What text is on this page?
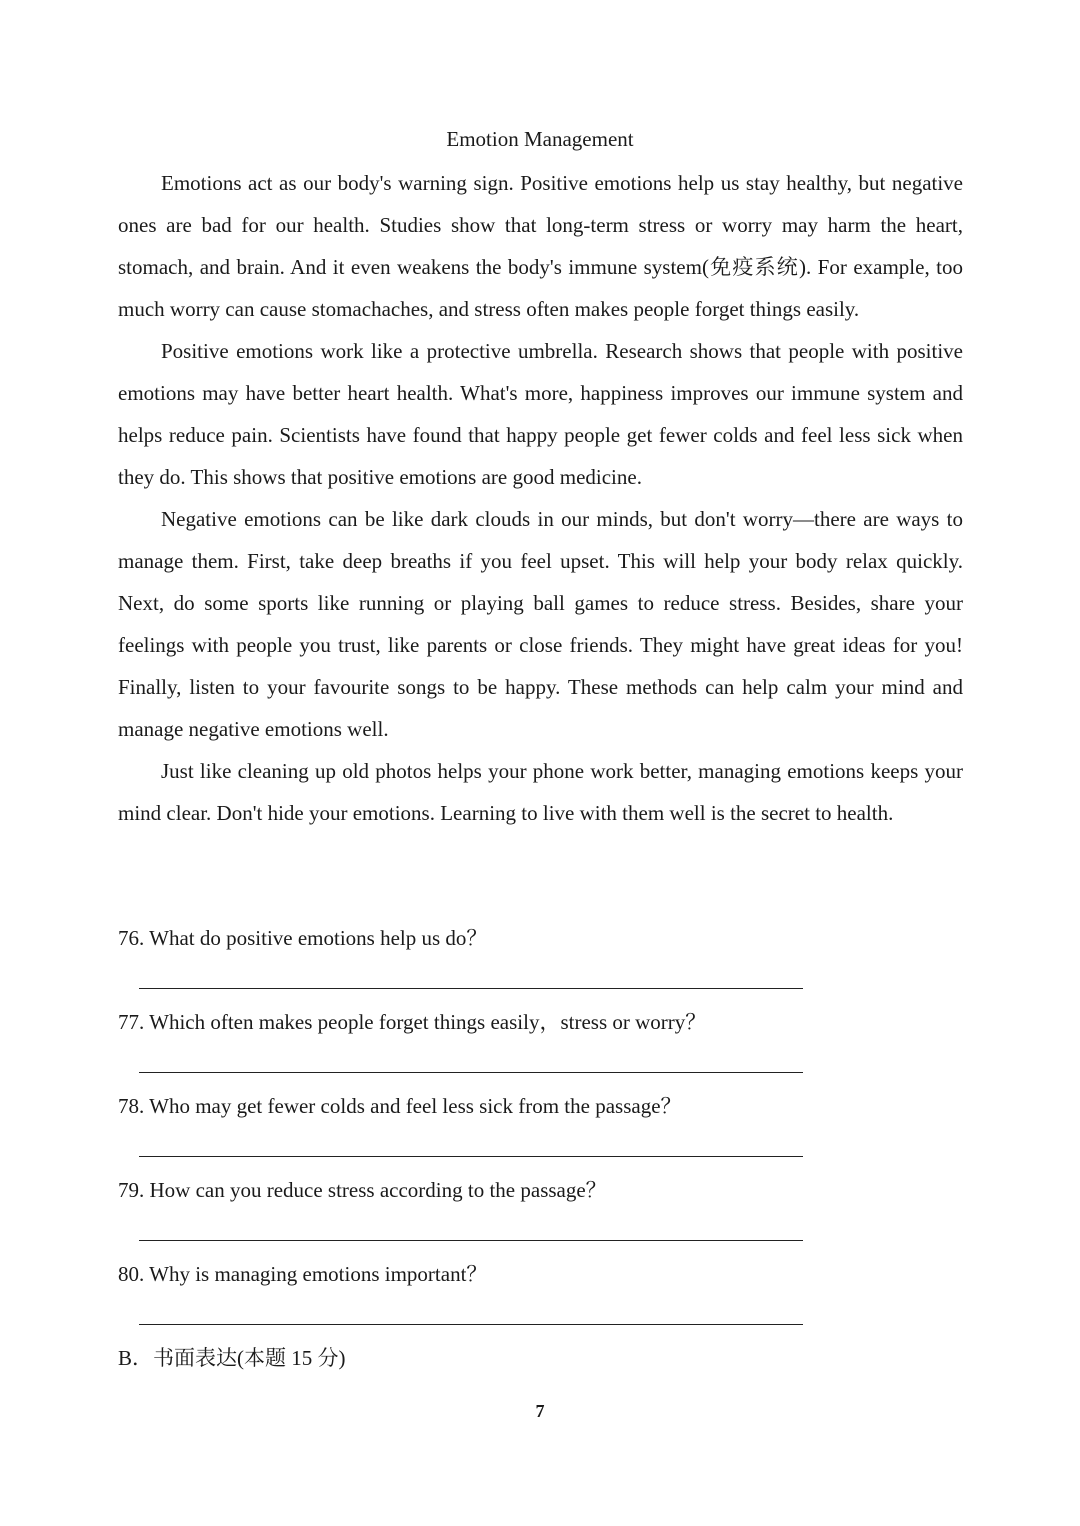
Emotion Management

Emotions act as our body's warning sign. Positive emotions help us stay healthy, but negative ones are bad for our health. Studies show that long-term stress or worry may harm the heart, stomach, and brain. And it even weakens the body's immune system(免疫系统). For example, too much worry can cause stomachaches, and stress often makes people forget things easily.

Positive emotions work like a protective umbrella. Research shows that people with positive emotions may have better heart health. What's more, happiness improves our immune system and helps reduce pain. Scientists have found that happy people get fewer colds and feel less sick when they do. This shows that positive emotions are good medicine.

Negative emotions can be like dark clouds in our minds, but don't worry—there are ways to manage them. First, take deep breaths if you feel upset. This will help your body relax quickly. Next, do some sports like running or playing ball games to reduce stress. Besides, share your feelings with people you trust, like parents or close friends. They might have great ideas for you! Finally, listen to your favourite songs to be happy. These methods can help calm your mind and manage negative emotions well.

Just like cleaning up old photos helps your phone work better, managing emotions keeps your mind clear. Don't hide your emotions. Learning to live with them well is the secret to health.

76. What do positive emotions help us do？
77. Which often makes people forget things easily，stress or worry？
78. Who may get fewer colds and feel less sick from the passage？
79. How can you reduce stress according to the passage？
80. Why is managing emotions important？
B．书面表达(本题 15 分)
7
